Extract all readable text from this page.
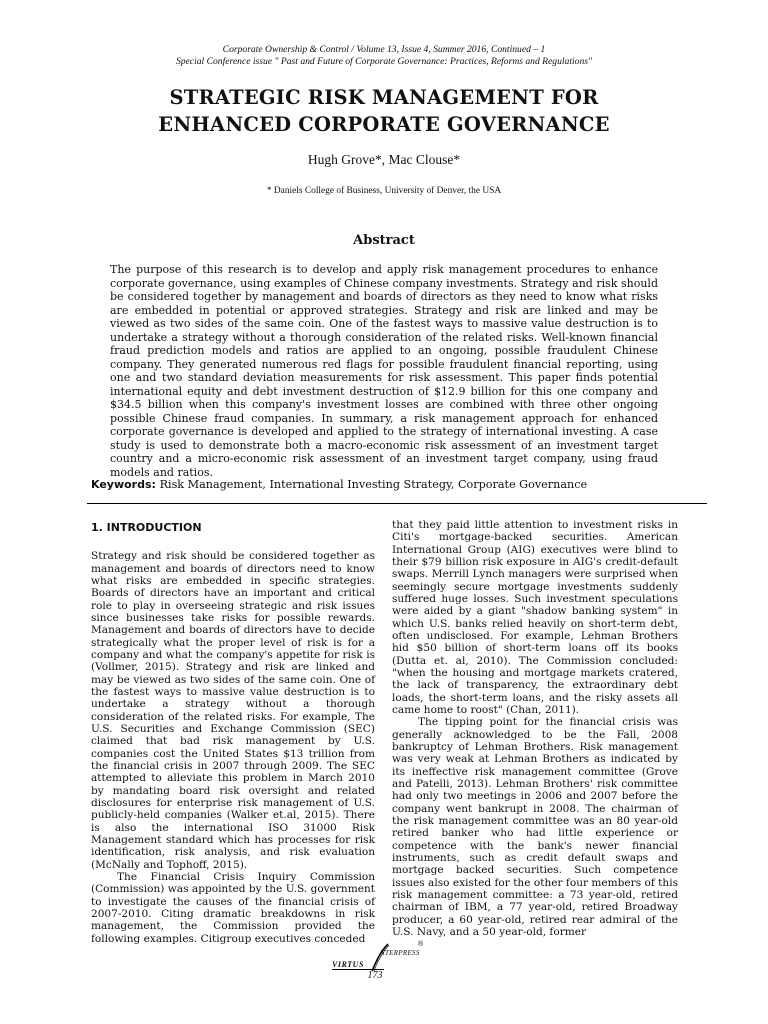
Corporate Ownership & Control / Volume 13, Issue 4, Summer 2016, Continued – 1
Special Conference issue " Past and Future of Corporate Governance: Practices, Reforms and Regulations"
STRATEGIC RISK MANAGEMENT FOR
ENHANCED CORPORATE GOVERNANCE
Hugh Grove*, Mac Clouse*
* Daniels College of Business, University of Denver, the USA
Abstract

The purpose of this research is to develop and apply risk management procedures to enhance corporate governance, using examples of Chinese company investments. Strategy and risk should be considered together by management and boards of directors as they need to know what risks are embedded in potential or approved strategies. Strategy and risk are linked and may be viewed as two sides of the same coin. One of the fastest ways to massive value destruction is to undertake a strategy without a thorough consideration of the related risks. Well-known financial fraud prediction models and ratios are applied to an ongoing, possible fraudulent Chinese company. They generated numerous red flags for possible fraudulent financial reporting, using one and two standard deviation measurements for risk assessment. This paper finds potential international equity and debt investment destruction of $12.9 billion for this one company and $34.5 billion when this company's investment losses are combined with three other ongoing possible Chinese fraud companies. In summary, a risk management approach for enhanced corporate governance is developed and applied to the strategy of international investing. A case study is used to demonstrate both a macro-economic risk assessment of an investment target country and a micro-economic risk assessment of an investment target company, using fraud models and ratios.

Keywords: Risk Management, International Investing Strategy, Corporate Governance
1. INTRODUCTION

Strategy and risk should be considered together as management and boards of directors need to know what risks are embedded in specific strategies. Boards of directors have an important and critical role to play in overseeing strategic and risk issues since businesses take risks for possible rewards. Management and boards of directors have to decide strategically what the proper level of risk is for a company and what the company's appetite for risk is (Vollmer, 2015). Strategy and risk are linked and may be viewed as two sides of the same coin. One of the fastest ways to massive value destruction is to undertake a strategy without a thorough consideration of the related risks. For example, The U.S. Securities and Exchange Commission (SEC) claimed that bad risk management by U.S. companies cost the United States $13 trillion from the financial crisis in 2007 through 2009. The SEC attempted to alleviate this problem in March 2010 by mandating board risk oversight and related disclosures for enterprise risk management of U.S. publicly-held companies (Walker et.al, 2015). There is also the international ISO 31000 Risk Management standard which has processes for risk identification, risk analysis, and risk evaluation (McNally and Tophoff, 2015).

The Financial Crisis Inquiry Commission (Commission) was appointed by the U.S. government to investigate the causes of the financial crisis of 2007-2010. Citing dramatic breakdowns in risk management, the Commission provided the following examples. Citigroup executives conceded

that they paid little attention to investment risks in Citi's mortgage-backed securities. American International Group (AIG) executives were blind to their $79 billion risk exposure in AIG's credit-default swaps. Merrill Lynch managers were surprised when seemingly secure mortgage investments suddenly suffered huge losses. Such investment speculations were aided by a giant "shadow banking system" in which U.S. banks relied heavily on short-term debt, often undisclosed. For example, Lehman Brothers hid $50 billion of short-term loans off its books (Dutta et. al, 2010). The Commission concluded: "when the housing and mortgage markets cratered, the lack of transparency, the extraordinary debt loads, the short-term loans, and the risky assets all came home to roost" (Chan, 2011).

The tipping point for the financial crisis was generally acknowledged to be the Fall, 2008 bankruptcy of Lehman Brothers. Risk management was very weak at Lehman Brothers as indicated by its ineffective risk management committee (Grove and Patelli, 2013). Lehman Brothers' risk committee had only two meetings in 2006 and 2007 before the company went bankrupt in 2008. The chairman of the risk management committee was an 80 year-old retired banker who had little experience or competence with the bank's newer financial instruments, such as credit default swaps and mortgage backed securities. Such competence issues also existed for the other four members of this risk management committee: a 73 year-old, retired chairman of IBM, a 77 year-old, retired Broadway producer, a 60 year-old, retired rear admiral of the U.S. Navy, and a 50 year-old, former

VIRTUS
NTERPRESS
®
173
